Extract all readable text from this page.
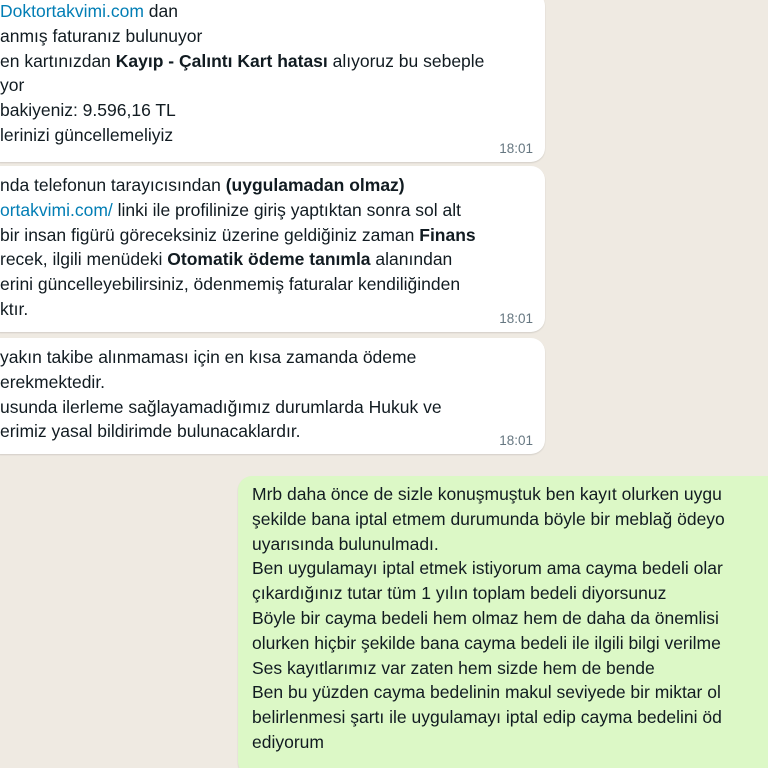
Doktortakvimi.com dan
anmış faturanız bulunuyor
en kartınızdan Kayıp - Çalıntı Kart hatası alıyoruz bu sebeple
yor
bakiyeniz: 9.596,16 TL
lerinizi güncellemeliyiz
18:01
nda telefonun tarayıcısından (uygulamadan olmaz)
ortakvimi.com/ linki ile profilinize giriş yaptıktan sonra sol alt
bir insan figürü göreceksiniz üzerine geldiğiniz zaman Finans
recek, ilgili menüdeki Otomatik ödeme tanımla alanından
erini güncelleyebilirsiniz, ödenmemiş faturalar kendiliğinden
ktır.	18:01
yakın takibe alınmaması için en kısa zamanda ödeme
erekmektedir.
usunda ilerleme sağlayamadığımız durumlarda Hukuk ve
erimiz yasal bildirimde bulunacaklardır.	18:01
Mrb daha önce de sizle konuşmuştuk ben kayıt olurken uygu
şekilde bana iptal etmem durumunda böyle bir meblağ ödeyo
uyarısında bulunulmadı.
Ben uygulamayı iptal etmek istiyorum ama cayma bedeli olar
çıkardığınız tutar tüm 1 yılın toplam bedeli diyorsunuz
Böyle bir cayma bedeli hem olmaz hem de daha da önemlisi
olurken hiçbir şekilde bana cayma bedeli ile ilgili bilgi verilme
Ses kayıtlarımız var zaten hem sizde hem de bende
Ben bu yüzden cayma bedelinin makul seviyede bir miktar ol
belirlenmesi şartı ile uygulamayı iptal edip cayma bedelini öd
ediyorum
